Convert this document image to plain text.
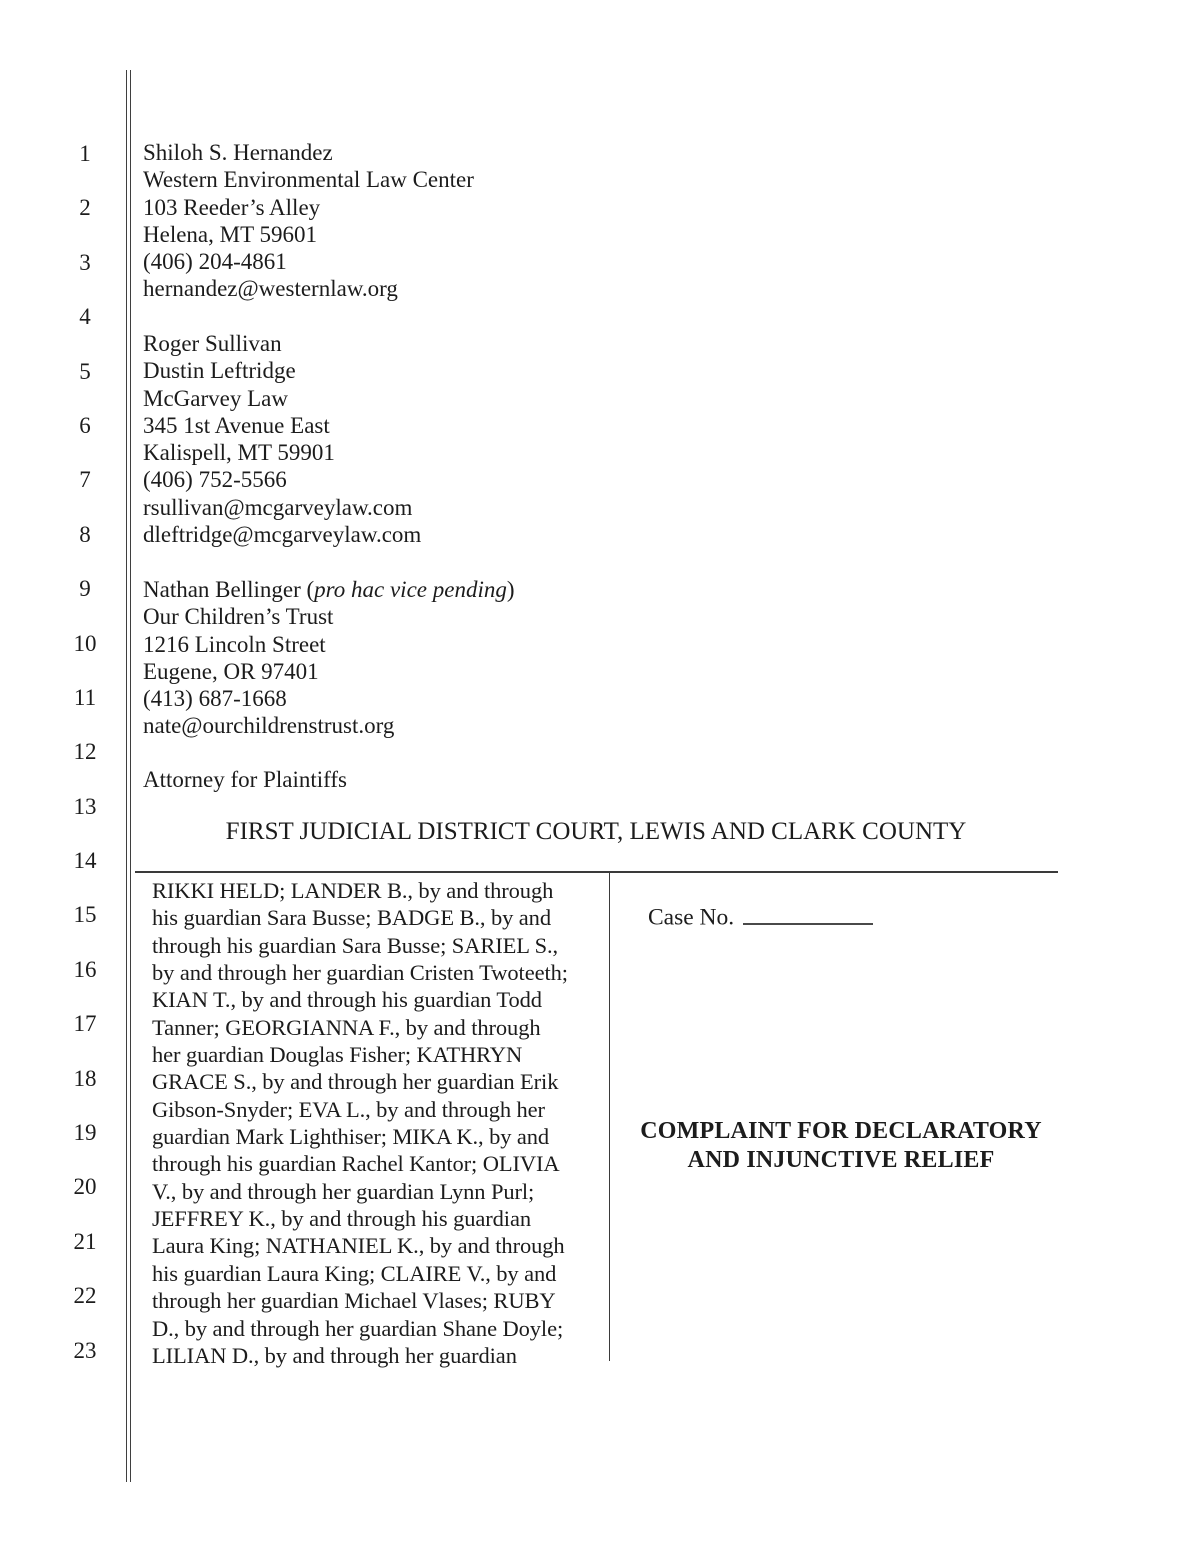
1
2
3
4
5
6
7
8
9
10
11
12
13
14
15
16
17
18
19
20
21
22
23
Shiloh S. Hernandez
Western Environmental Law Center
103 Reeder’s Alley
Helena, MT 59601
(406) 204-4861
hernandez@westernlaw.org
Roger Sullivan
Dustin Leftridge
McGarvey Law
345 1st Avenue East
Kalispell, MT 59901
(406) 752-5566
rsullivan@mcgarveylaw.com
dleftridge@mcgarveylaw.com
Nathan Bellinger (pro hac vice pending)
Our Children’s Trust
1216 Lincoln Street
Eugene, OR 97401
(413) 687-1668
nate@ourchildrenstrust.org
Attorney for Plaintiffs
FIRST JUDICIAL DISTRICT COURT, LEWIS AND CLARK COUNTY
RIKKI HELD; LANDER B., by and through
his guardian Sara Busse; BADGE B., by and
through his guardian Sara Busse; SARIEL S.,
by and through her guardian Cristen Twoteeth;
KIAN T., by and through his guardian Todd
Tanner; GEORGIANNA F., by and through
her guardian Douglas Fisher; KATHRYN
GRACE S., by and through her guardian Erik
Gibson-Snyder; EVA L., by and through her
guardian Mark Lighthiser; MIKA K., by and
through his guardian Rachel Kantor; OLIVIA
V., by and through her guardian Lynn Purl;
JEFFREY K., by and through his guardian
Laura King; NATHANIEL K., by and through
his guardian Laura King; CLAIRE V., by and
through her guardian Michael Vlases; RUBY
D., by and through her guardian Shane Doyle;
LILIAN D., by and through her guardian
Case No.
COMPLAINT FOR DECLARATORY
AND INJUNCTIVE RELIEF
